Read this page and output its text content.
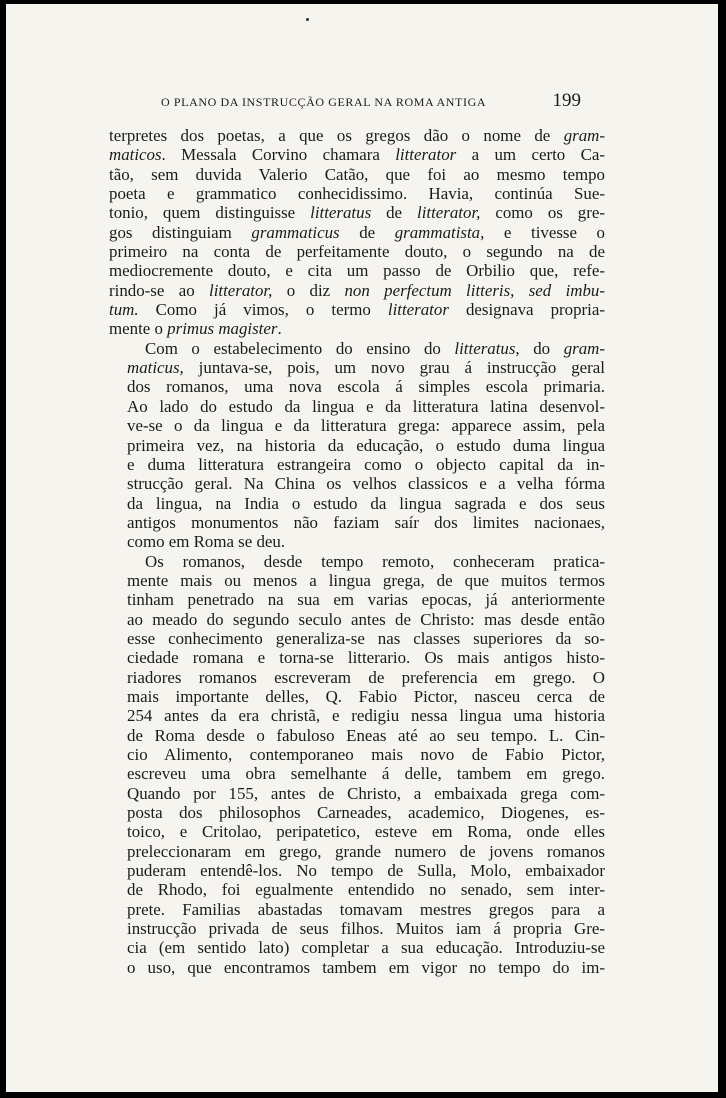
O PLANO DA INSTRUCÇÃO GERAL NA ROMA ANTIGA	199

terpretes dos poetas, a que os gregos dão o nome de gram-
maticos. Messala Corvino chamara litterator a um certo Ca-
tão, sem duvida Valerio Catão, que foi ao mesmo tempo
poeta e grammatico conhecidissimo. Havia, continúa Sue-
tonio, quem distinguisse litteratus de litterator, como os gre-
gos distinguiam grammaticus de grammatista, e tivesse o
primeiro na conta de perfeitamente douto, o segundo na de
mediocremente douto, e cita um passo de Orbilio que, refe-
rindo-se ao litterator, o diz non perfectum litteris, sed imbu-
tum. Como já vimos, o termo litterator designava propria-
mente o primus magister.

Com o estabelecimento do ensino do litteratus, do gram-
maticus, juntava-se, pois, um novo grau á instrucção geral
dos romanos, uma nova escola á simples escola primaria.
Ao lado do estudo da lingua e da litteratura latina desenvol-
ve-se o da lingua e da litteratura grega: apparece assim, pela
primeira vez, na historia da educação, o estudo duma lingua
e duma litteratura estrangeira como o objecto capital da in-
strucção geral. Na China os velhos classicos e a velha fórma
da lingua, na India o estudo da lingua sagrada e dos seus
antigos monumentos não faziam saír dos limites nacionaes,
como em Roma se deu.

Os romanos, desde tempo remoto, conheceram pratica-
mente mais ou menos a lingua grega, de que muitos termos
tinham penetrado na sua em varias epocas, já anteriormente
ao meado do segundo seculo antes de Christo: mas desde então
esse conhecimento generaliza-se nas classes superiores da so-
ciedade romana e torna-se litterario. Os mais antigos histo-
riadores romanos escreveram de preferencia em grego. O
mais importante delles, Q. Fabio Pictor, nasceu cerca de
254 antes da era christã, e redigiu nessa lingua uma historia
de Roma desde o fabuloso Eneas até ao seu tempo. L. Cin-
cio Alimento, contemporaneo mais novo de Fabio Pictor,
escreveu uma obra semelhante á delle, tambem em grego.
Quando por 155, antes de Christo, a embaixada grega com-
posta dos philosophos Carneades, academico, Diogenes, es-
toico, e Critolao, peripatetico, esteve em Roma, onde elles
preleccionaram em grego, grande numero de jovens romanos
puderam entendê-los. No tempo de Sulla, Molo, embaixador
de Rhodo, foi egualmente entendido no senado, sem inter-
prete. Familias abastadas tomavam mestres gregos para a
instrucção privada de seus filhos. Muitos iam á propria Gre-
cia (em sentido lato) completar a sua educação. Introduziu-se
o uso, que encontramos tambem em vigor no tempo do im-
